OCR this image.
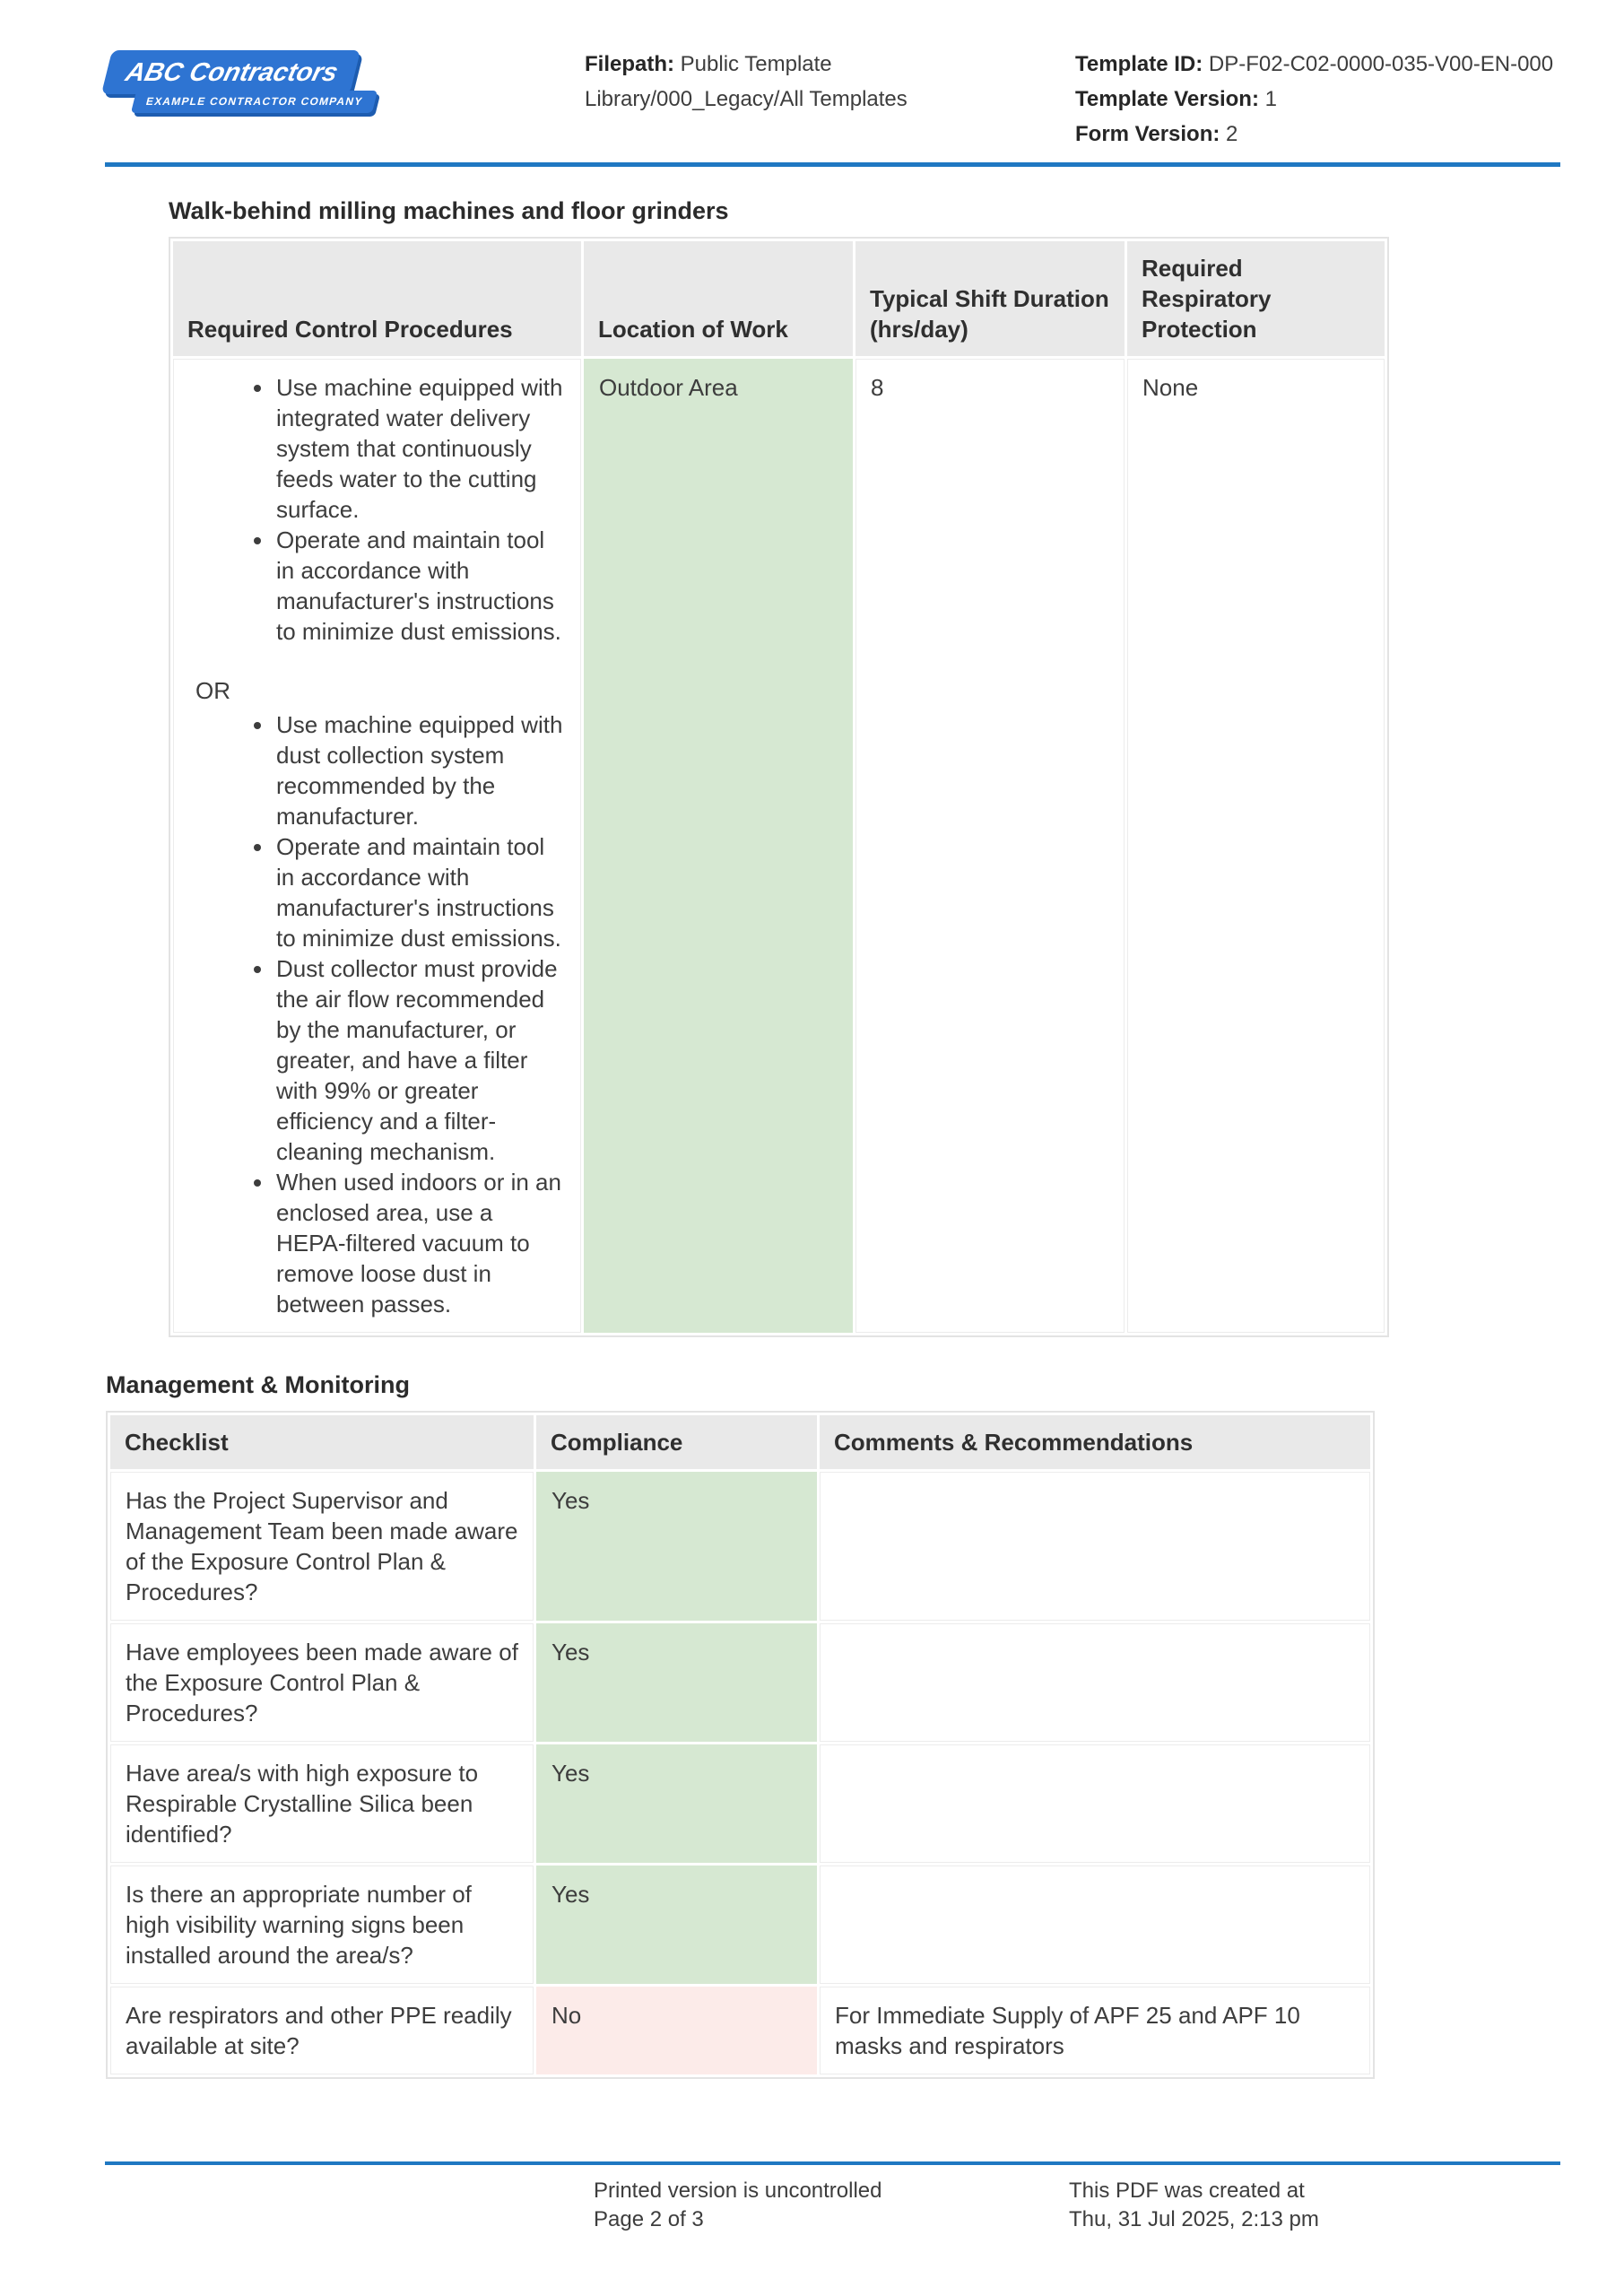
ABC Contractors
EXAMPLE CONTRACTOR COMPANY
Filepath: Public Template Library/000_Legacy/All Templates
Template ID: DP-F02-C02-0000-035-V00-EN-000
Template Version: 1
Form Version: 2
Walk-behind milling machines and floor grinders
Required Control Procedures	Location of Work	Typical Shift Duration (hrs/day)	Required Respiratory Protection

• Use machine equipped with integrated water delivery system that continuously feeds water to the cutting surface.
• Operate and maintain tool in accordance with manufacturer's instructions to minimize dust emissions.
OR
• Use machine equipped with dust collection system recommended by the manufacturer.
• Operate and maintain tool in accordance with manufacturer's instructions to minimize dust emissions.
• Dust collector must provide the air flow recommended by the manufacturer, or greater, and have a filter with 99% or greater efficiency and a filter-cleaning mechanism.
• When used indoors or in an enclosed area, use a HEPA-filtered vacuum to remove loose dust in between passes.
	Outdoor Area	8	None
Management & Monitoring
Checklist	Compliance	Comments & Recommendations
Has the Project Supervisor and Management Team been made aware of the Exposure Control Plan & Procedures?	Yes	
Have employees been made aware of the Exposure Control Plan & Procedures?	Yes	
Have area/s with high exposure to Respirable Crystalline Silica been identified?	Yes	
Is there an appropriate number of high visibility warning signs been installed around the area/s?	Yes	
Are respirators and other PPE readily available at site?	No	For Immediate Supply of APF 25 and APF 10 masks and respirators
Printed version is uncontrolled
Page 2 of 3
This PDF was created at
Thu, 31 Jul 2025, 2:13 pm
